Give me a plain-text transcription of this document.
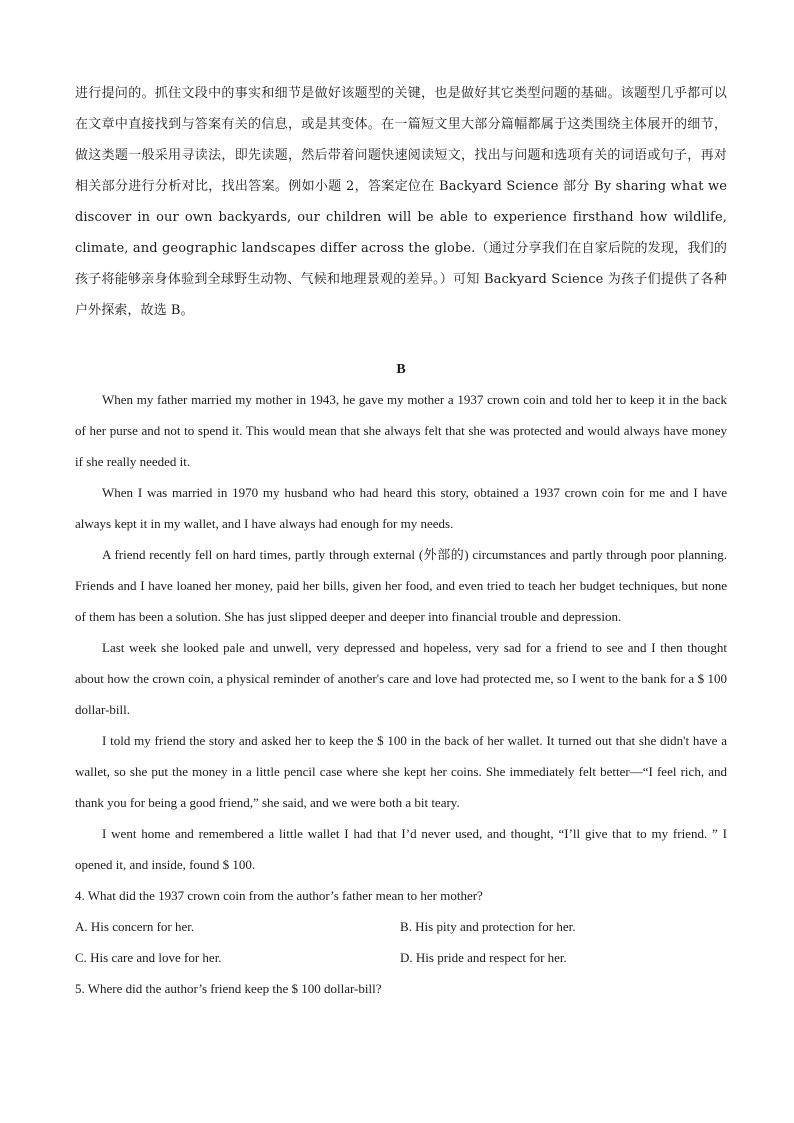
进行提问的。抓住文段中的事实和细节是做好该题型的关键，也是做好其它类型问题的基础。该题型几乎都可以在文章中直接找到与答案有关的信息，或是其变体。在一篇短文里大部分篇幅都属于这类围绕主体展开的细节，做这类题一般采用寻读法，即先读题，然后带着问题快速阅读短文，找出与问题和选项有关的词语或句子，再对相关部分进行分析对比，找出答案。例如小题 2，答案定位在 Backyard Science 部分 By sharing what we discover in our own backyards, our children will be able to experience firsthand how wildlife, climate, and geographic landscapes differ across the globe.（通过分享我们在自家后院的发现，我们的孩子将能够亲身体验到全球野生动物、气候和地理景观的差异。）可知 Backyard Science 为孩子们提供了各种户外探索，故选 B。

B

When my father married my mother in 1943, he gave my mother a 1937 crown coin and told her to keep it in the back of her purse and not to spend it. This would mean that she always felt that she was protected and would always have money if she really needed it.

When I was married in 1970 my husband who had heard this story, obtained a 1937 crown coin for me and I have always kept it in my wallet, and I have always had enough for my needs.

A friend recently fell on hard times, partly through external (外部的) circumstances and partly through poor planning. Friends and I have loaned her money, paid her bills, given her food, and even tried to teach her budget techniques, but none of them has been a solution. She has just slipped deeper and deeper into financial trouble and depression.

Last week she looked pale and unwell, very depressed and hopeless, very sad for a friend to see and I then thought about how the crown coin, a physical reminder of another's care and love had protected me, so I went to the bank for a $ 100 dollar-bill.

I told my friend the story and asked her to keep the $ 100 in the back of her wallet. It turned out that she didn't have a wallet, so she put the money in a little pencil case where she kept her coins. She immediately felt better—“I feel rich, and thank you for being a good friend,” she said, and we were both a bit teary.

I went home and remembered a little wallet I had that I’d never used, and thought, “I’ll give that to my friend. ” I opened it, and inside, found $ 100.

4. What did the 1937 crown coin from the author’s father mean to her mother?

A. His concern for her.	B. His pity and protection for her.
C. His care and love for her.	D. His pride and respect for her.

5. Where did the author’s friend keep the $ 100 dollar-bill?
